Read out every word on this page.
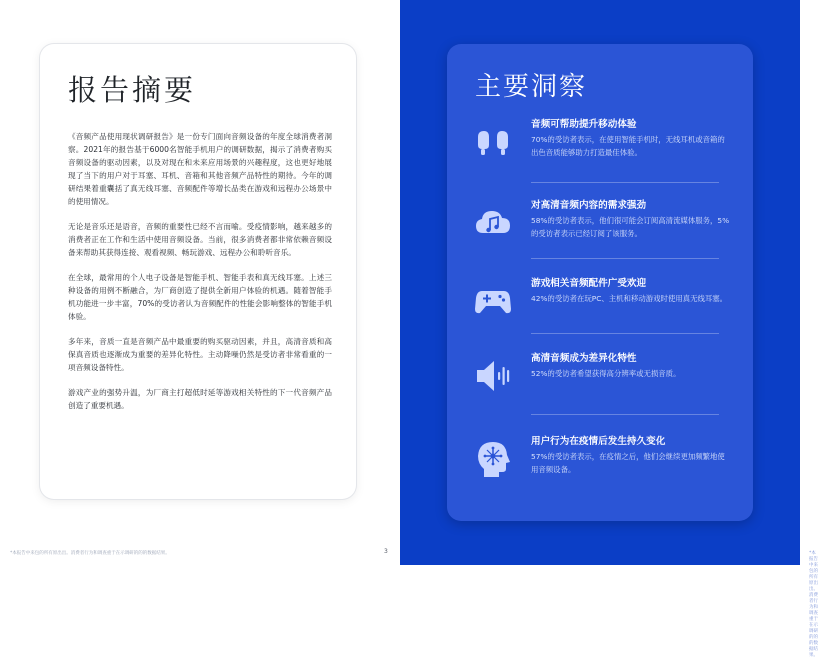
报告摘要

《音频产品使用现状调研报告》是一份专门面向音频设备的年度全球消费者洞察。2021年的报告基于6000名智能手机用户的调研数据，揭示了消费者购买音频设备的驱动因素，以及对现在和未来应用场景的兴趣程度，这也更好地展现了当下的用户对于耳塞、耳机、音箱和其他音频产品特性的期待。今年的调研结果着重囊括了真无线耳塞、音频配件等增长品类在游戏和远程办公场景中的使用情况。

无论是音乐还是语音，音频的重要性已经不言而喻。受疫情影响，越来越多的消费者正在工作和生活中使用音频设备。当前，很多消费者都非常依赖音频设备来帮助其获得连接、观看视频、畅玩游戏、远程办公和聆听音乐。

在全球，最常用的个人电子设备是智能手机、智能手表和真无线耳塞。上述三种设备的用例不断融合，为厂商创造了提供全新用户体验的机遇。随着智能手机功能进一步丰富，70%的受访者认为音频配件的性能会影响整体的智能手机体验。

多年来，音质一直是音频产品中最重要的购买驱动因素，并且，高清音质和高保真音质也逐渐成为重要的差异化特性。主动降噪仍然是受访者非常看重的一项音频设备特性。

游戏产业的强势升温，为厂商主打超低时延等游戏相关特性的下一代音频产品创造了重要机遇。

*本报告中来包的所有原出出。消费者行为和调查重于在示调研的的的数据结果。	3	*本报告中来包的所有原出出。消费者行为和调查重于在示调研的的的数据结果。
主要洞察
音频可帮助提升移动体验
70%的受访者表示，在使用智能手机时，无线耳机或音箱的出色音质能够助力打造最佳体验。
对高清音频内容的需求强劲
58%的受访者表示，他们很可能会订阅高清流媒体服务，5%的受访者表示已经订阅了该服务。
游戏相关音频配件广受欢迎
42%的受访者在玩PC、主机和移动游戏时使用真无线耳塞。
高清音频成为差异化特性
52%的受访者希望获得高分辨率或无损音质。
用户行为在疫情后发生持久变化
57%的受访者表示，在疫情之后，他们会继续更加频繁地使用音频设备。
